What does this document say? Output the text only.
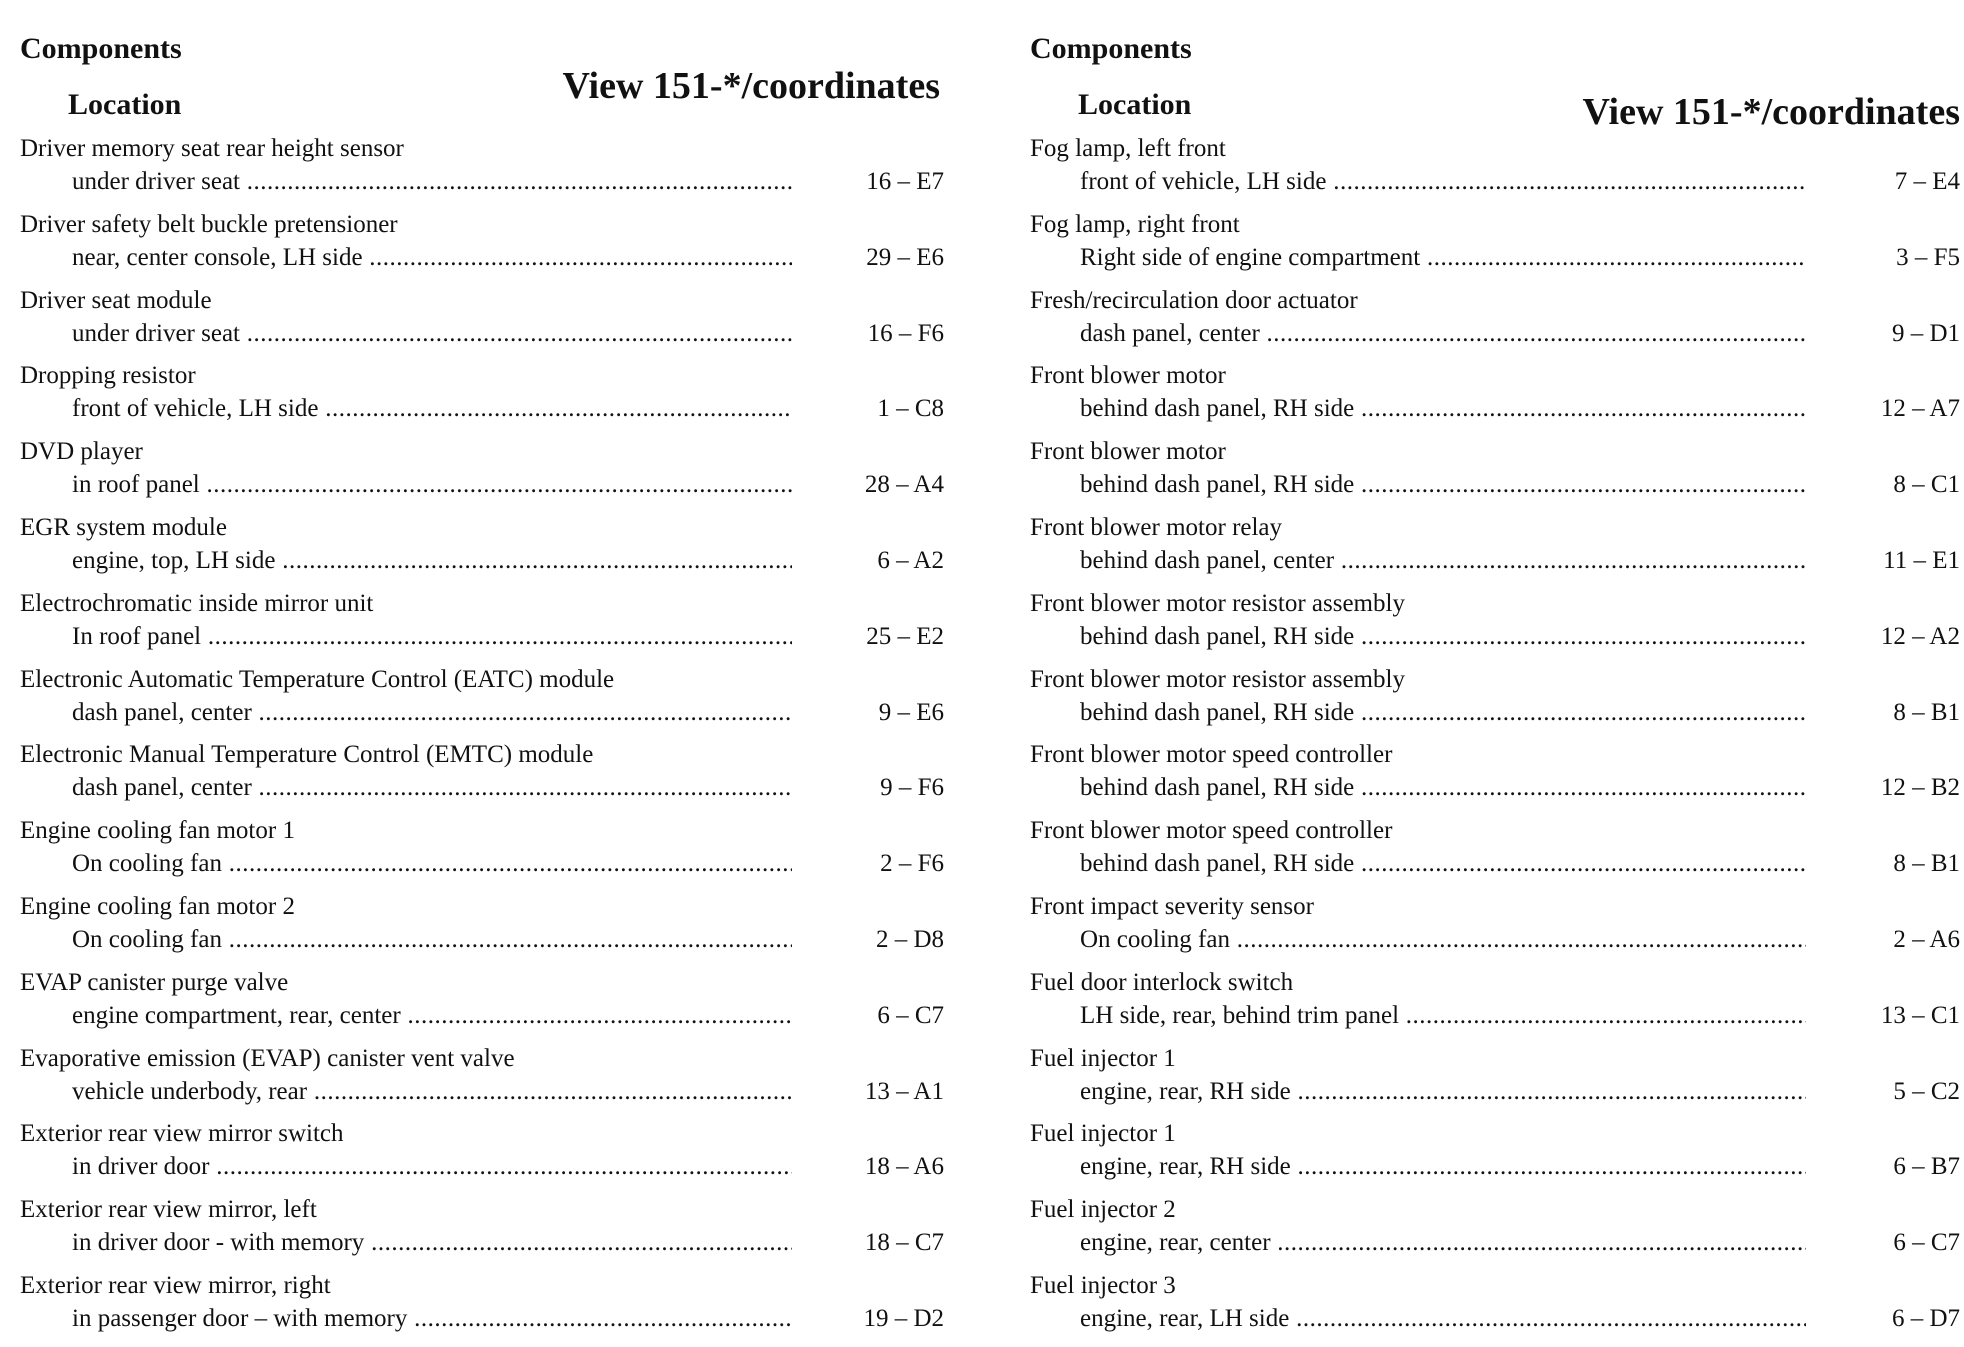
Components
Location	View 151-*/coordinates
Driver memory seat rear height sensor
under driver seat .....	16 – E7
Driver safety belt buckle pretensioner
near, center console, LH side .....	29 – E6
Driver seat module
under driver seat .....	16 – F6
Dropping resistor
front of vehicle, LH side .....	1 – C8
DVD player
in roof panel .....	28 – A4
EGR system module
engine, top, LH side .....	6 – A2
Electrochromatic inside mirror unit
In roof panel .....	25 – E2
Electronic Automatic Temperature Control (EATC) module
dash panel, center .....	9 – E6
Electronic Manual Temperature Control (EMTC) module
dash panel, center .....	9 – F6
Engine cooling fan motor 1
On cooling fan .....	2 – F6
Engine cooling fan motor 2
On cooling fan .....	2 – D8
EVAP canister purge valve
engine compartment, rear, center .....	6 – C7
Evaporative emission (EVAP) canister vent valve
vehicle underbody, rear .....	13 – A1
Exterior rear view mirror switch
in driver door .....	18 – A6
Exterior rear view mirror, left
in driver door - with memory .....	18 – C7
Exterior rear view mirror, right
in passenger door – with memory .....	19 – D2
Components
Location	View 151-*/coordinates
Fog lamp, left front
front of vehicle, LH side .....	7 – E4
Fog lamp, right front
Right side of engine compartment .....	3 – F5
Fresh/recirculation door actuator
dash panel, center .....	9 – D1
Front blower motor
behind dash panel, RH side .....	12 – A7
Front blower motor
behind dash panel, RH side .....	8 – C1
Front blower motor relay
behind dash panel, center .....	11 – E1
Front blower motor resistor assembly
behind dash panel, RH side .....	12 – A2
Front blower motor resistor assembly
behind dash panel, RH side .....	8 – B1
Front blower motor speed controller
behind dash panel, RH side .....	12 – B2
Front blower motor speed controller
behind dash panel, RH side .....	8 – B1
Front impact severity sensor
On cooling fan .....	2 – A6
Fuel door interlock switch
LH side, rear, behind trim panel .....	13 – C1
Fuel injector 1
engine, rear, RH side .....	5 – C2
Fuel injector 1
engine, rear, RH side .....	6 – B7
Fuel injector 2
engine, rear, center .....	6 – C7
Fuel injector 3
engine, rear, LH side .....	6 – D7
